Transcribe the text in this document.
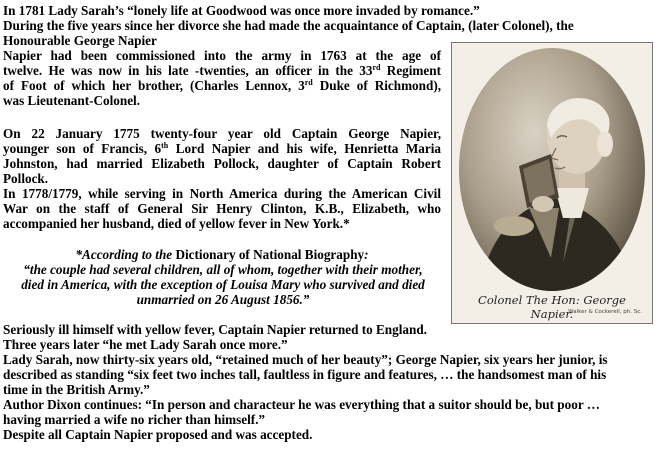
In 1781 Lady Sarah’s “lonely life at Goodwood was once more invaded by romance.”
During the five years since her divorce she had made the acquaintance of Captain, (later Colonel), the
Honourable George Napier
Napier had been commissioned into the army in 1763 at the age of
twelve. He was now in his late -twenties, an officer in the 33rd Regiment
of Foot of which her brother, (Charles Lennox, 3rd Duke of Richmond),
was Lieutenant-Colonel.
On 22 January 1775 twenty-four year old Captain George Napier,
younger son of Francis, 6th Lord Napier and his wife, Henrietta Maria
Johnston, had married Elizabeth Pollock, daughter of Captain Robert
Pollock.
In 1778/1779, while serving in North America during the American Civil
War on the staff of General Sir Henry Clinton, K.B., Elizabeth, who
accompanied her husband, died of yellow fever in New York.*
*According to the Dictionary of National Biography:
“the couple had several children, all of whom, together with their mother,
died in America, with the exception of Louisa Mary who survived and died
unmarried on 26 August 1856.”
Seriously ill himself with yellow fever, Captain Napier returned to England.
Three years later “he met Lady Sarah once more.”
Lady Sarah, now thirty-six years old, “retained much of her beauty”; George Napier, six years her junior, is
described as standing “six feet two inches tall, faultless in figure and features, … the handsomest man of his
time in the British Army.”
Author Dixon continues: “In person and characteur he was everything that a suitor should be, but poor …
having married a wife no richer than himself.”
Despite all Captain Napier proposed and was accepted.
Colonel The Hon: George Napier.
Walker & Cockerell, ph. Sc.
